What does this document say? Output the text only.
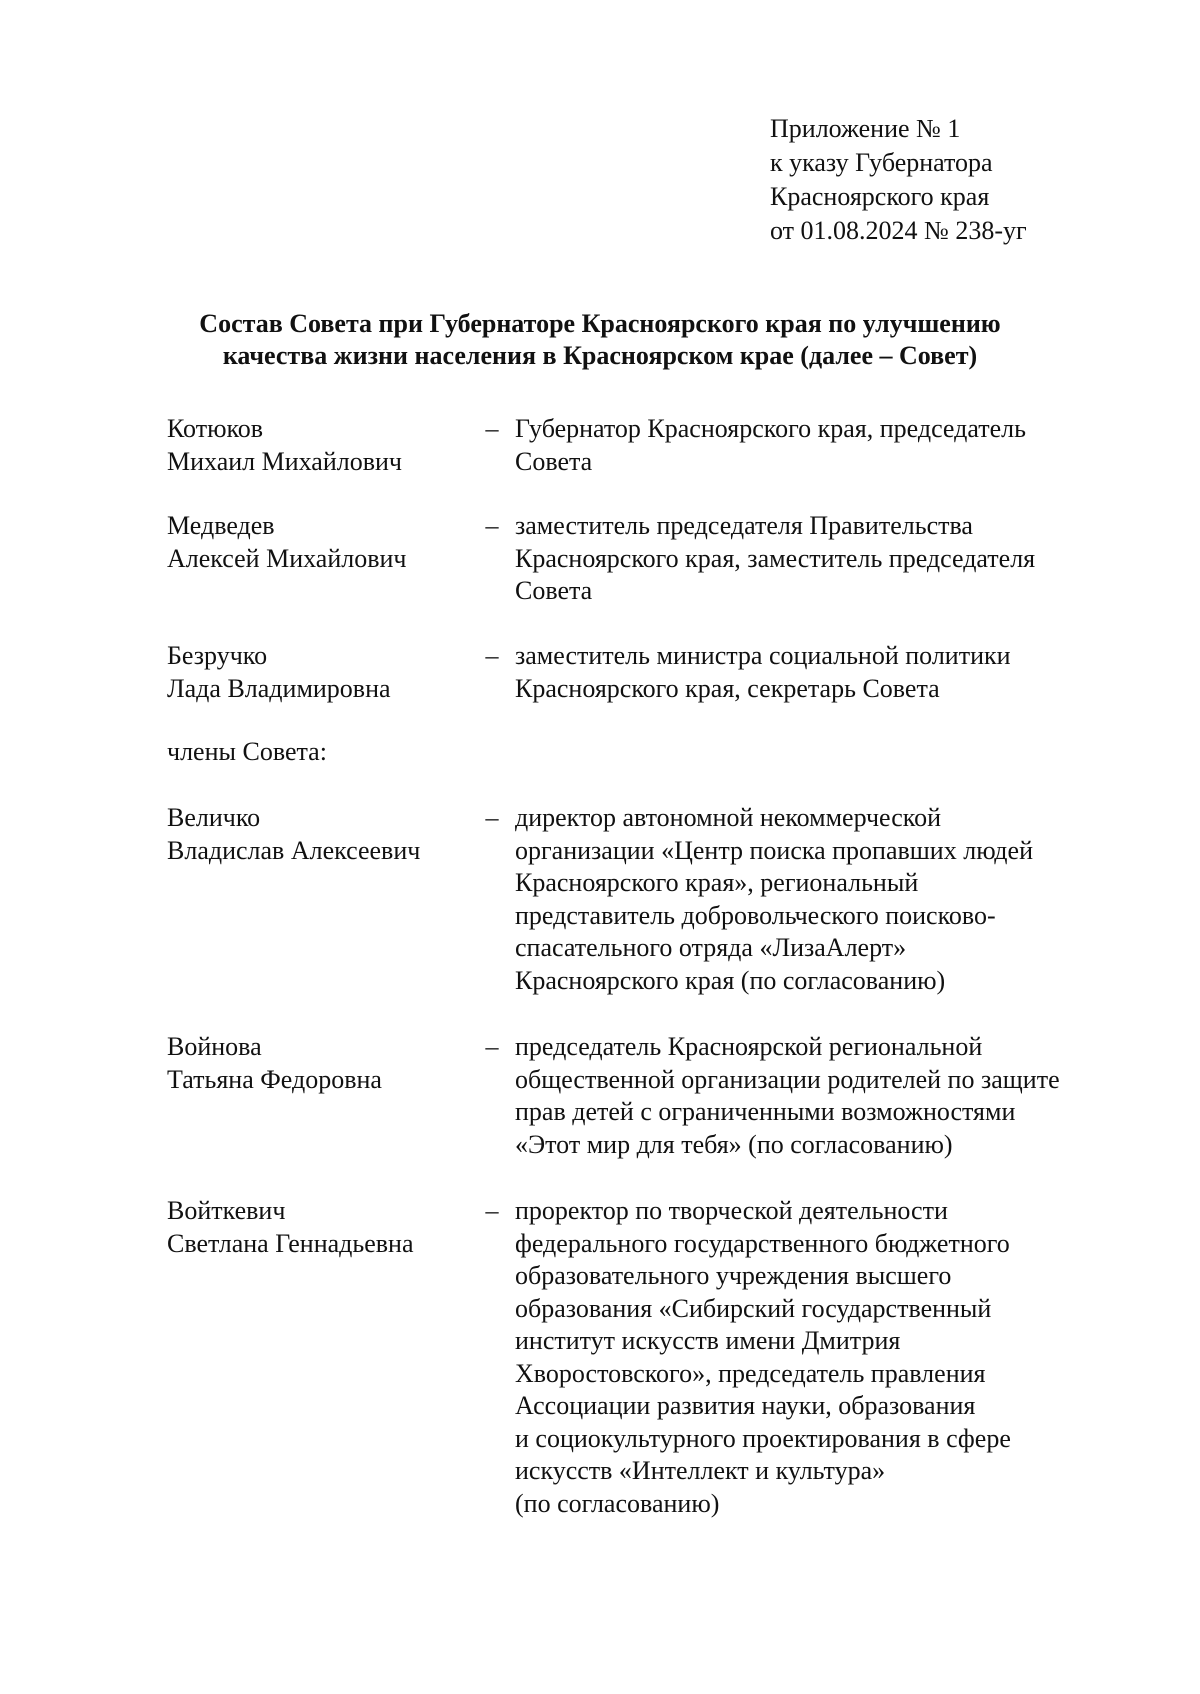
Приложение № 1
к указу Губернатора
Красноярского края
от 01.08.2024 № 238-уг
Состав Совета при Губернаторе Красноярского края по улучшению
качества жизни населения в Красноярском крае (далее – Совет)
Котюков
Михаил Михайлович
– Губернатор Красноярского края, председатель
Совета
Медведев
Алексей Михайлович
– заместитель председателя Правительства
Красноярского края, заместитель председателя
Совета
Безручко
Лада Владимировна
– заместитель министра социальной политики
Красноярского края, секретарь Совета
члены Совета:
Величко
Владислав Алексеевич
– директор автономной некоммерческой
организации «Центр поиска пропавших людей
Красноярского края», региональный
представитель добровольческого поисково-
спасательного отряда «ЛизаАлерт»
Красноярского края (по согласованию)
Войнова
Татьяна Федоровна
– председатель Красноярской региональной
общественной организации родителей по защите
прав детей с ограниченными возможностями
«Этот мир для тебя» (по согласованию)
Войткевич
Светлана Геннадьевна
– проректор по творческой деятельности
федерального государственного бюджетного
образовательного учреждения высшего
образования «Сибирский государственный
институт искусств имени Дмитрия
Хворостовского», председатель правления
Ассоциации развития науки, образования
и социокультурного проектирования в сфере
искусств «Интеллект и культура»
(по согласованию)
